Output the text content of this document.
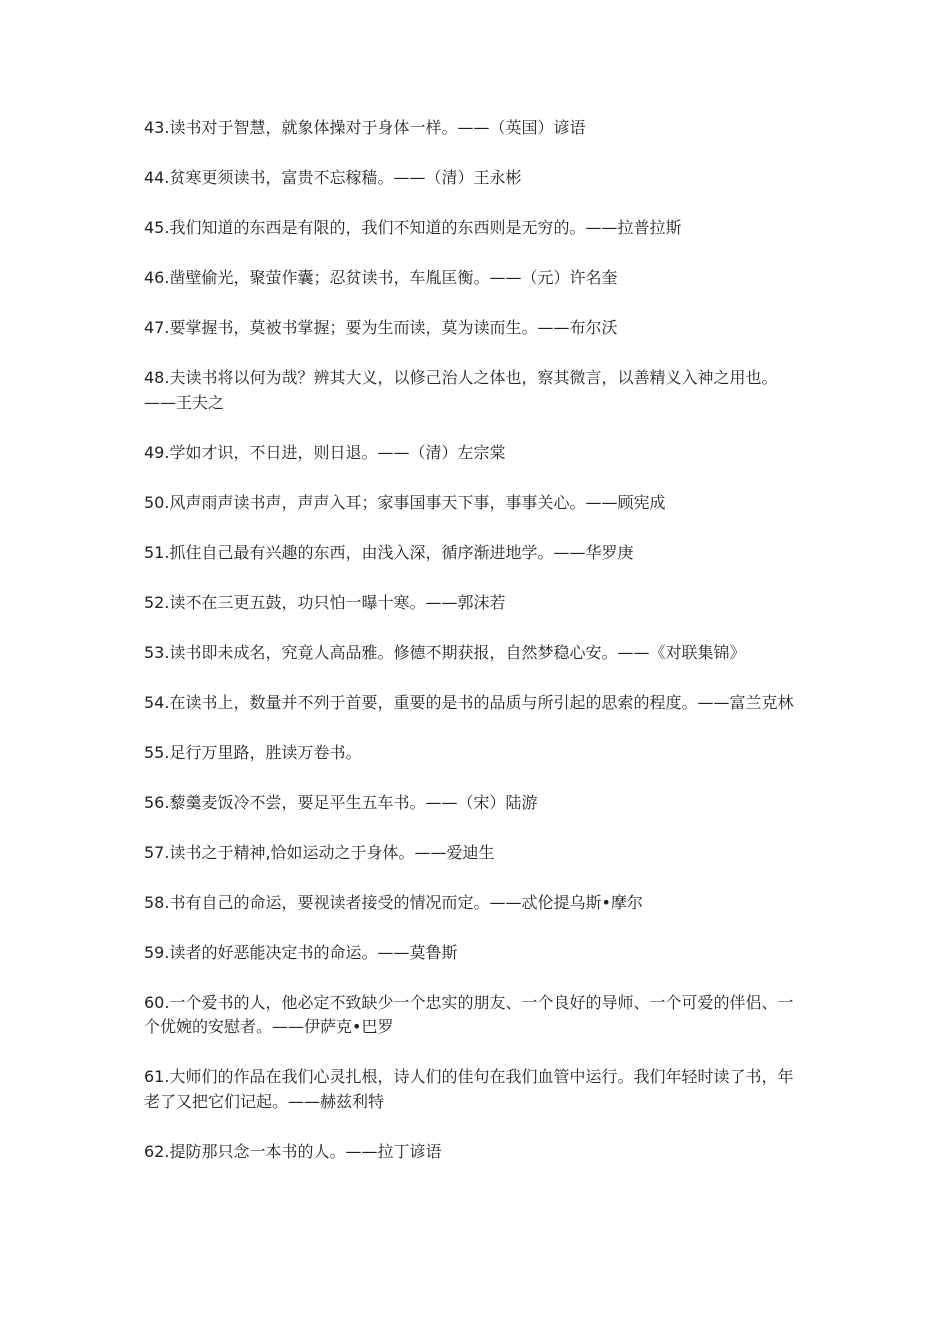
43.读书对于智慧，就象体操对于身体一样。——（英国）谚语

44.贫寒更须读书，富贵不忘稼穑。——（清）王永彬

45.我们知道的东西是有限的，我们不知道的东西则是无穷的。——拉普拉斯

46.凿壁偷光，聚萤作囊；忍贫读书，车胤匡衡。——（元）许名奎

47.要掌握书，莫被书掌握；要为生而读，莫为读而生。——布尔沃

48.夫读书将以何为哉？辨其大义，以修己治人之体也，察其微言，以善精义入神之用也。——王夫之

49.学如才识，不日进，则日退。——（清）左宗棠

50.风声雨声读书声，声声入耳；家事国事天下事，事事关心。——顾宪成

51.抓住自己最有兴趣的东西，由浅入深，循序渐进地学。——华罗庚

52.读不在三更五鼓，功只怕一曝十寒。——郭沫若

53.读书即未成名，究竟人高品雅。修德不期获报，自然梦稳心安。——《对联集锦》

54.在读书上，数量并不列于首要，重要的是书的品质与所引起的思索的程度。——富兰克林

55.足行万里路，胜读万卷书。

56.藜羹麦饭冷不尝，要足平生五车书。——（宋）陆游

57.读书之于精神,恰如运动之于身体。——爱迪生

58.书有自己的命运，要视读者接受的情况而定。——忒伦提乌斯•摩尔

59.读者的好恶能决定书的命运。——莫鲁斯

60.一个爱书的人，他必定不致缺少一个忠实的朋友、一个良好的导师、一个可爱的伴侣、一个优婉的安慰者。——伊萨克•巴罗

61.大师们的作品在我们心灵扎根，诗人们的佳句在我们血管中运行。我们年轻时读了书，年老了又把它们记起。——赫兹利特

62.提防那只念一本书的人。——拉丁谚语
